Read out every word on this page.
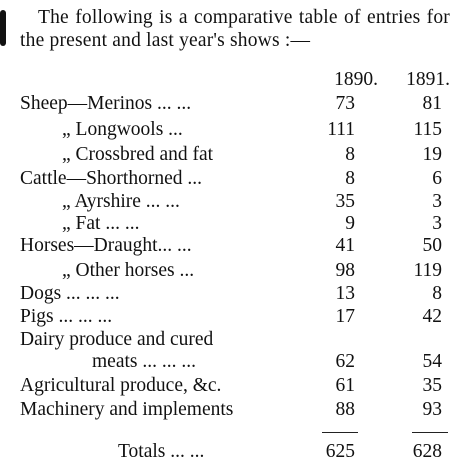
The following is a comparative table of entries for the present and last year's shows :—
1890.	1891.
Sheep—Merinos ... ...	73	81
„ Longwools ...	111	115
„ Crossbred and fat	8	19
Cattle—Shorthorned ...	8	6
„ Ayrshire ... ...	35	3
„ Fat ... ...	9	3
Horses—Draught... ...	41	50
„ Other horses ...	98	119
Dogs ... ... ...	13	8
Pigs ... ... ...	17	42
Dairy produce and cured
meats ... ... ...	62	54
Agricultural produce, &c.	61	35
Machinery and implements	88	93
Totals ... ...	625	628
